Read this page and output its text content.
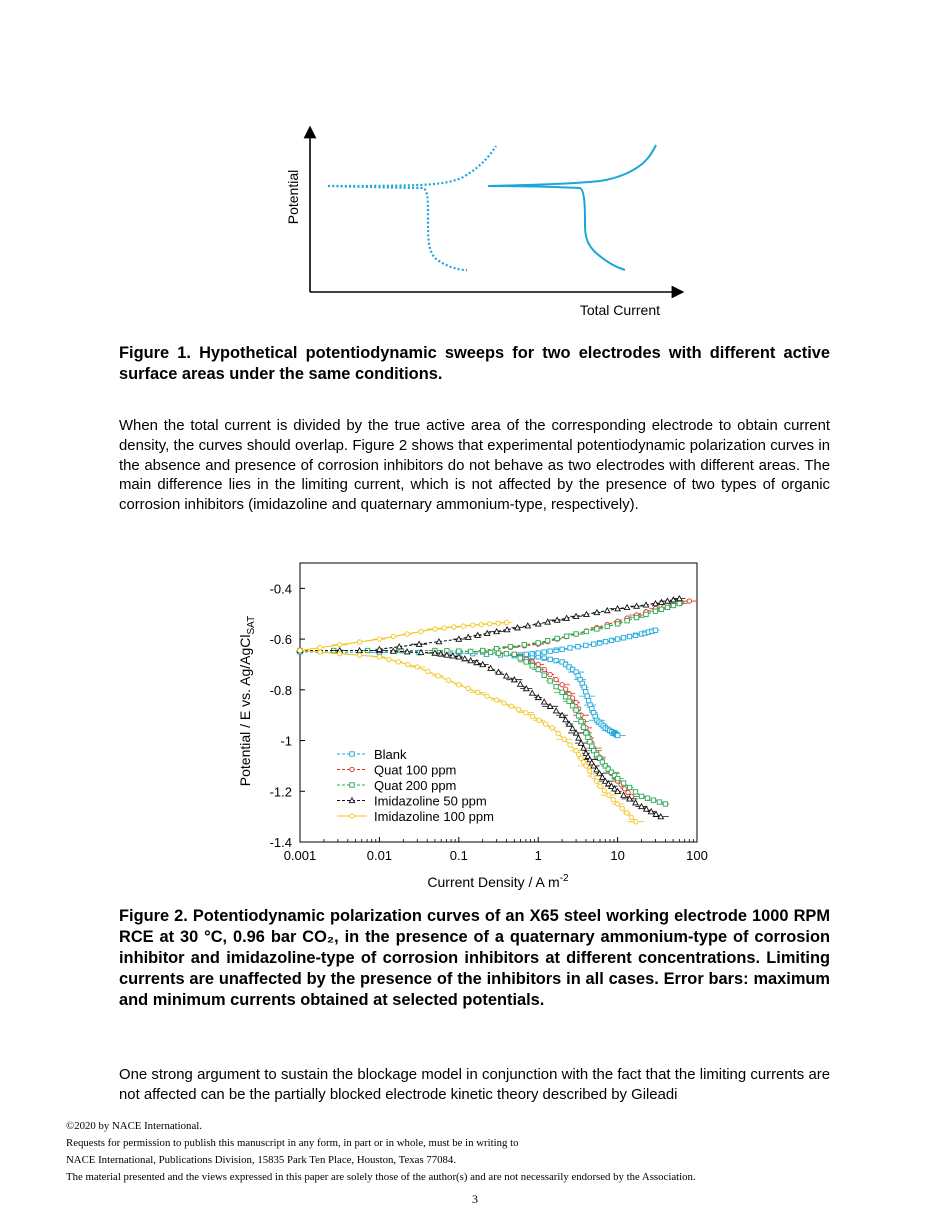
Potential
Total Current

Figure 1. Hypothetical potentiodynamic sweeps for two electrodes with different active surface areas under the same conditions.

When the total current is divided by the true active area of the corresponding electrode to obtain current density, the curves should overlap. Figure 2 shows that experimental potentiodynamic polarization curves in the absence and presence of corrosion inhibitors do not behave as two electrodes with different areas. The main difference lies in the limiting current, which is not affected by the presence of two types of organic corrosion inhibitors (imidazoline and quaternary ammonium-type, respectively).

-0.4
-0.6
-0.8
-1
-1.2
-1.4
0.001	0.01	0.1	1	10	100
Blank
Quat 100 ppm
Quat 200 ppm
Imidazoline 50 ppm
Imidazoline 100 ppm
Potential / E vs. Ag/AgCl$_{SAT}$
Current Density / A $m^{-2}$

Figure 2. Potentiodynamic polarization curves of an X65 steel working electrode 1000 RPM RCE at 30 °C, 0.96 bar CO₂, in the presence of a quaternary ammonium-type of corrosion inhibitor and imidazoline-type of corrosion inhibitors at different concentrations. Limiting currents are unaffected by the presence of the inhibitors in all cases. Error bars: maximum and minimum currents obtained at selected potentials.

One strong argument to sustain the blockage model in conjunction with the fact that the limiting currents are not affected can be the partially blocked electrode kinetic theory described by Gileadi

©2020 by NACE International.
Requests for permission to publish this manuscript in any form, in part or in whole, must be in writing to
NACE International, Publications Division, 15835 Park Ten Place, Houston, Texas 77084.
The material presented and the views expressed in this paper are solely those of the author(s) and are not necessarily endorsed by the Association.
3
